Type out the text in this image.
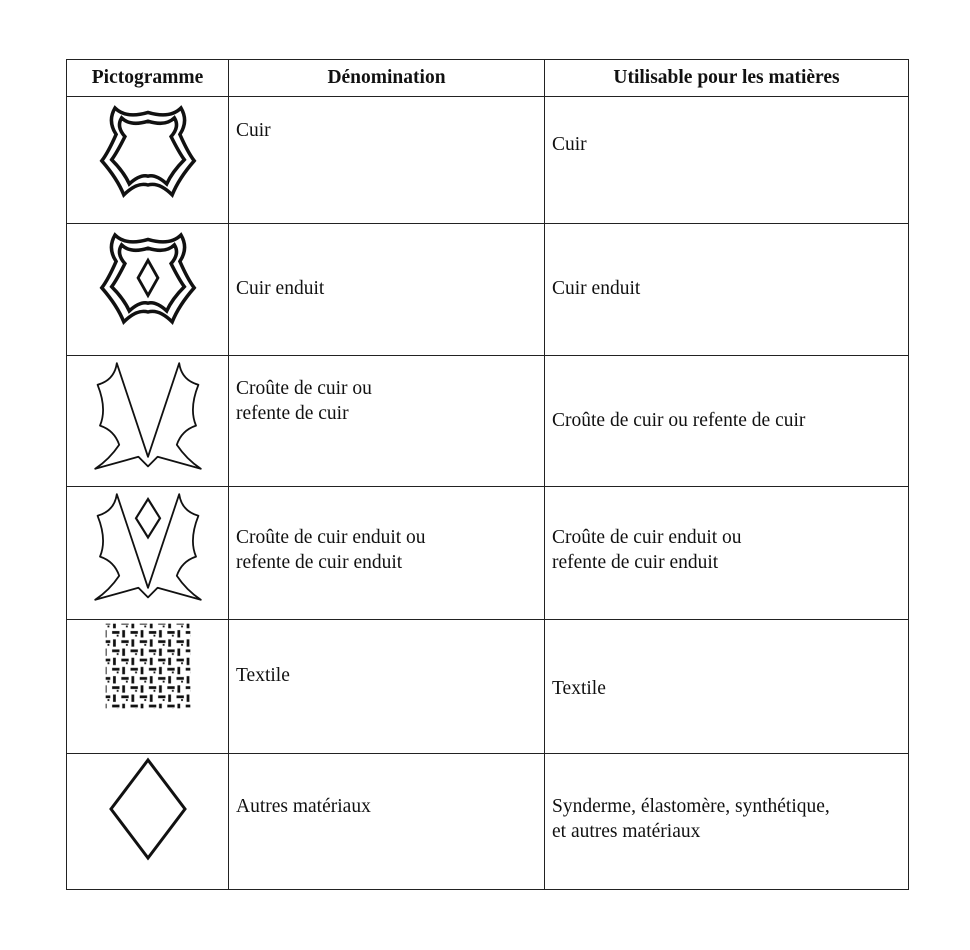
Pictogramme	Dénomination	Utilisable pour les matières

Cuir	Cuir

Cuir enduit	Cuir enduit

Croûte de cuir ou
refente de cuir	Croûte de cuir ou refente de cuir

Croûte de cuir enduit ou
refente de cuir enduit	Croûte de cuir enduit ou
refente de cuir enduit

Textile	Textile

Autres matériaux	Synderme, élastomère, synthétique,
et autres matériaux
